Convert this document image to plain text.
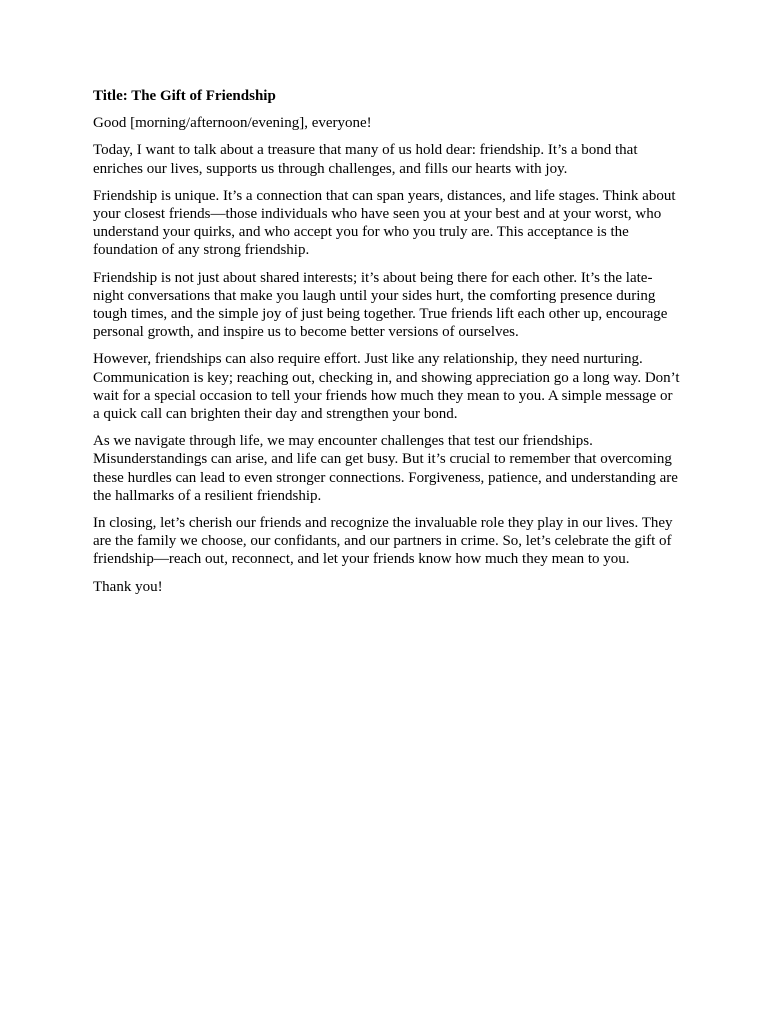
Title: The Gift of Friendship

Good [morning/afternoon/evening], everyone!

Today, I want to talk about a treasure that many of us hold dear: friendship. It’s a bond that enriches our lives, supports us through challenges, and fills our hearts with joy.

Friendship is unique. It’s a connection that can span years, distances, and life stages. Think about your closest friends—those individuals who have seen you at your best and at your worst, who understand your quirks, and who accept you for who you truly are. This acceptance is the foundation of any strong friendship.

Friendship is not just about shared interests; it’s about being there for each other. It’s the late-night conversations that make you laugh until your sides hurt, the comforting presence during tough times, and the simple joy of just being together. True friends lift each other up, encourage personal growth, and inspire us to become better versions of ourselves.

However, friendships can also require effort. Just like any relationship, they need nurturing. Communication is key; reaching out, checking in, and showing appreciation go a long way. Don’t wait for a special occasion to tell your friends how much they mean to you. A simple message or a quick call can brighten their day and strengthen your bond.

As we navigate through life, we may encounter challenges that test our friendships. Misunderstandings can arise, and life can get busy. But it’s crucial to remember that overcoming these hurdles can lead to even stronger connections. Forgiveness, patience, and understanding are the hallmarks of a resilient friendship.

In closing, let’s cherish our friends and recognize the invaluable role they play in our lives. They are the family we choose, our confidants, and our partners in crime. So, let’s celebrate the gift of friendship—reach out, reconnect, and let your friends know how much they mean to you.

Thank you!
